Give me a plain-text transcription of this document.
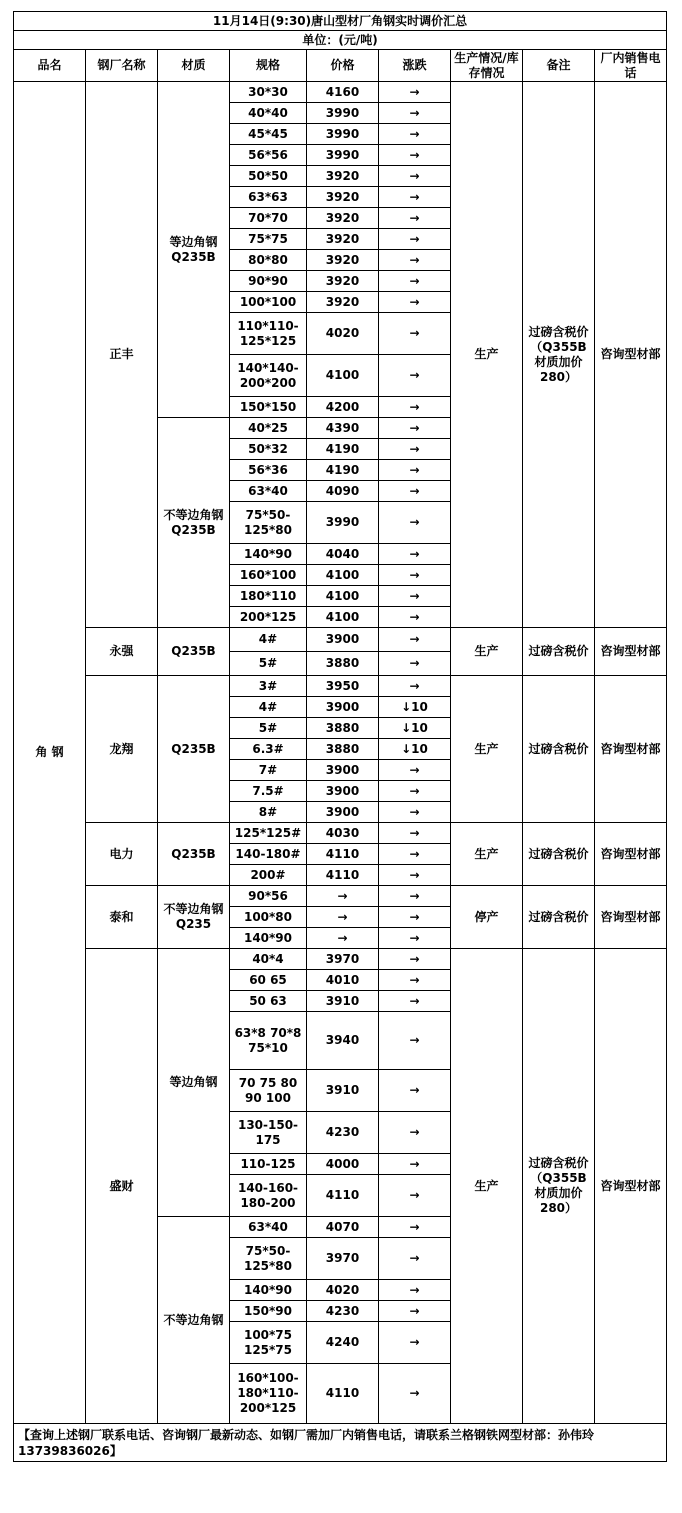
11月14日(9:30)唐山型材厂角钢实时调价汇总								
单位：(元/吨)								
品名	钢厂名称	材质	规格	价格	涨跌	生产情况/库存情况	备注	厂内销售电话
角 钢	正丰	等边角钢Q235B	30*30	4160	→	生产	过磅含税价（Q355B材质加价280）	咨询型材部
			40*40	3990	→			
			45*45	3990	→			
			56*56	3990	→			
			50*50	3920	→			
			63*63	3920	→			
			70*70	3920	→			
			75*75	3920	→			
			80*80	3920	→			
			90*90	3920	→			
			100*100	3920	→			
			110*110-125*125	4020	→			
			140*140-200*200	4100	→			
			150*150	4200	→			
		不等边角钢Q235B	40*25	4390	→			
			50*32	4190	→			
			56*36	4190	→			
			63*40	4090	→			
			75*50-125*80	3990	→			
			140*90	4040	→			
			160*100	4100	→			
			180*110	4100	→			
			200*125	4100	→			
	永强	Q235B	4#	3900	→	生产	过磅含税价	咨询型材部
			5#	3880	→			
	龙翔	Q235B	3#	3950	→	生产	过磅含税价	咨询型材部
			4#	3900	↓10			
			5#	3880	↓10			
			6.3#	3880	↓10			
			7#	3900	→			
			7.5#	3900	→			
			8#	3900	→			
	电力	Q235B	125*125#	4030	→	生产	过磅含税价	咨询型材部
			140-180#	4110	→			
			200#	4110	→			
	泰和	不等边角钢Q235	90*56	→	→	停产	过磅含税价	咨询型材部
			100*80	→	→			
			140*90	→	→			
	盛财	等边角钢	40*4	3970	→	生产	过磅含税价（Q355B材质加价280）	咨询型材部
			60 65	4010	→			
			50 63	3910	→			
			63*8 70*8 75*10	3940	→			
			70 75 80 90 100	3910	→			
			130-150-175	4230	→			
			110-125	4000	→			
			140-160-180-200	4110	→			
		不等边角钢	63*40	4070	→			
			75*50-125*80	3970	→			
			140*90	4020	→			
			150*90	4230	→			
			100*75 125*75	4240	→			
			160*100-180*110-200*125	4110	→			
【查询上述钢厂联系电话、咨询钢厂最新动态、如钢厂需加厂内销售电话，请联系兰格钢铁网型材部：孙伟玲13739836026】								
